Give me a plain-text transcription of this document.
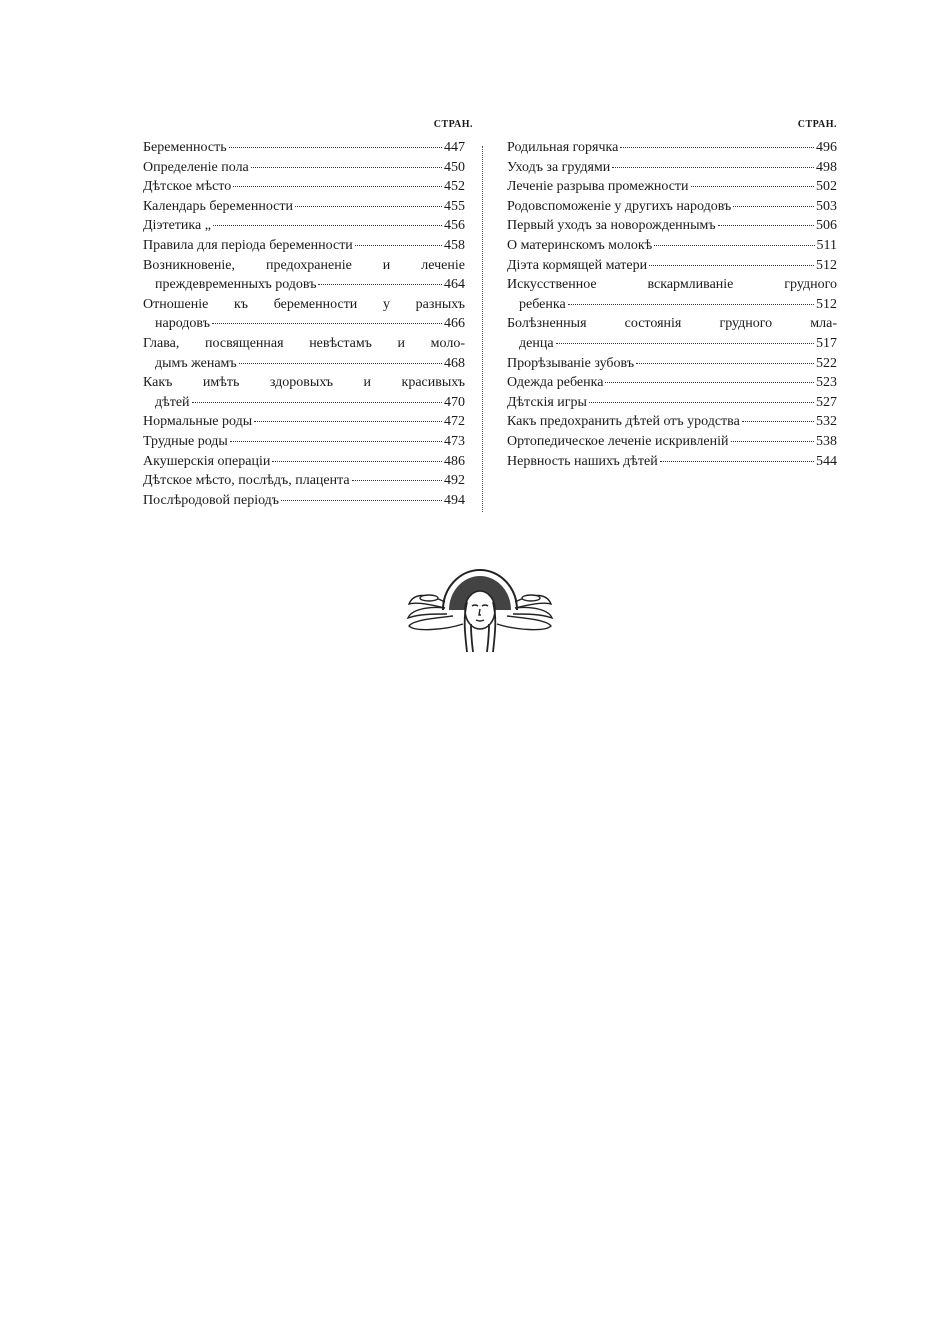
СТРАН.
Беременность	447
Определеніе пола	450
Дѣтское мѣсто	452
Календарь беременности	455
Діэтетика „	456
Правила для періода беременности	458
Возникновеніе, предохраненіе и леченіе
преждевременныхъ родовъ	464
Отношеніе къ беременности у разныхъ
народовъ	466
Глава, посвященная невѣстамъ и моло-
дымъ женамъ	468
Какъ имѣть здоровыхъ и красивыхъ
дѣтей	470
Нормальные роды	472
Трудные роды	473
Акушерскія операціи	486
Дѣтское мѣсто, послѣдъ, плацента	492
Послѣродовой періодъ	494
СТРАН.
Родильная горячка	496
Уходъ за грудями	498
Леченіе разрыва промежности	502
Родовспоможеніе у другихъ народовъ	503
Первый уходъ за новорожденнымъ	506
О материнскомъ молокѣ	511
Діэта кормящей матери	512
Искусственное вскармливаніе грудного
ребенка	512
Болѣзненныя состоянія грудного мла-
денца	517
Прорѣзываніе зубовъ	522
Одежда ребенка	523
Дѣтскія игры	527
Какъ предохранить дѣтей отъ уродства	532
Ортопедическое леченіе искривленій	538
Нервность нашихъ дѣтей	544
